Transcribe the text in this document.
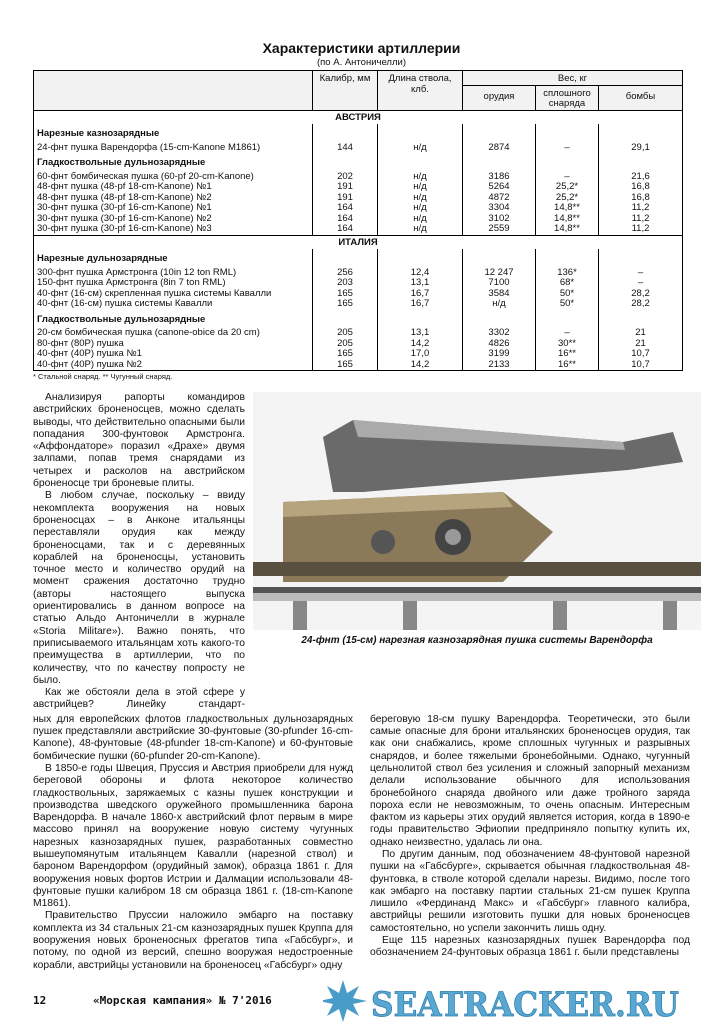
Характеристики артиллерии
(по А. Антоничелли)
	Калибр, мм	Длина ствола, клб.	Вес, кг		
			орудия	сплошного снаряда	бомбы
АВСТРИЯ					
Нарезные казнозарядные					
24-фнт пушка Варендорфа (15-cm-Kanone M1861)	144	н/д	2874	–	29,1
Гладкоствольные дульнозарядные					
60-фнт бомбическая пушка (60-pf 20-cm-Kanone)	202	н/д	3186	–	21,6
48-фнт пушка (48-pf 18-cm-Kanone) №1	191	н/д	5264	25,2*	16,8
48-фнт пушка (48-pf 18-cm-Kanone) №2	191	н/д	4872	25,2*	16,8
30-фнт пушка (30-pf 16-cm-Kanone) №1	164	н/д	3304	14,8**	11,2
30-фнт пушка (30-pf 16-cm-Kanone) №2	164	н/д	3102	14,8**	11,2
30-фнт пушка (30-pf 16-cm-Kanone) №3	164	н/д	2559	14,8**	11,2
ИТАЛИЯ					
Нарезные дульнозарядные					
300-фнт пушка Армстронга (10in 12 ton RML)	256	12,4	12 247	136*	–
150-фнт пушка Армстронга (8in 7 ton RML)	203	13,1	7100	68*	–
40-фнт (16-см) скрепленная пушка системы Кавалли	165	16,7	3584	50*	28,2
40-фнт (16-см) пушка системы Кавалли	165	16,7	н/д	50*	28,2
Гладкоствольные дульнозарядные					
20-см бомбическая пушка (canone-obice da 20 cm)	205	13,1	3302	–	21
80-фнт (80P) пушка	205	14,2	4826	30**	21
40-фнт (40P) пушка №1	165	17,0	3199	16**	10,7
40-фнт (40P) пушка №2	165	14,2	2133	16**	10,7
* Стальной снаряд. ** Чугунный снаряд.

Анализируя рапорты командиров австрийских броненосцев, можно сделать выводы, что действительно опасными были попадания 300-фунтовок Армстронга. «Аффондаторе» поразил «Драхе» двумя залпами, попав тремя снарядами из четырех и расколов на австрийском броненосце три броневые плиты.

В любом случае, поскольку – ввиду некомплекта вооружения на новых броненосцах – в Анконе итальянцы переставляли орудия как между броненосцами, так и с деревянных кораблей на броненосцы, установить точное место и количество орудий на момент сражения достаточно трудно (авторы настоящего выпуска ориентировались в данном вопросе на статью Альдо Антоничелли в журнале «Storia Militare»). Важно понять, что приписываемого итальянцам хоть какого-то преимущества в артиллерии, что по количеству, что по качеству попросту не было.

Как же обстояли дела в этой сфере у австрийцев? Линейку стандарт-

24-фнт (15-см) нарезная казнозарядная пушка системы Варендорфа

ных для европейских флотов гладкоствольных дульнозарядных пушек представляли австрийские 30-фунтовые (30-pfunder 16-cm-Kanone), 48-фунтовые (48-pfunder 18-cm-Kanone) и 60-фунтовые бомбические пушки (60-pfunder 20-cm-Kanone).

В 1850-е годы Швеция, Пруссия и Австрия приобрели для нужд береговой обороны и флота некоторое количество гладкоствольных, заряжаемых с казны пушек конструкции и производства шведского оружейного промышленника барона Варендорфа. В начале 1860-х австрийский флот первым в мире массово принял на вооружение новую систему чугунных нарезных казнозарядных пушек, разработанных совместно вышеупомянутым итальянцем Кавалли (нарезной ствол) и бароном Варендорфом (орудийный замок), образца 1861 г. Для вооружения новых фортов Истрии и Далмации использовали 48-фунтовые пушки калибром 18 см образца 1861 г. (18-cm-Kanone M1861).

Правительство Пруссии наложило эмбарго на поставку комплекта из 34 стальных 21-см казнозарядных пушек Круппа для вооружения новых броненосных фрегатов типа «Габсбург», и потому, по одной из версий, спешно вооружая недостроенные корабли, австрийцы установили на броненосец «Габсбург» одну

береговую 18-см пушку Варендорфа. Теоретически, это были самые опасные для брони итальянских броненосцев орудия, так как они снабжались, кроме сплошных чугунных и разрывных снарядов, и более тяжелыми бронебойными. Однако, чугунный цельнолитой ствол без усиления и сложный запорный механизм делали использование обычного для использования бронебойного снаряда двойного или даже тройного заряда пороха если не невозможным, то очень опасным. Интересным фактом из карьеры этих орудий является история, когда в 1890-е годы правительство Эфиопии предприняло попытку купить их, однако неизвестно, удалась ли она.

По другим данным, под обозначением 48-фунтовой нарезной пушки на «Габсбурге», скрывается обычная гладкоствольная 48-фунтовка, в стволе которой сделали нарезы. Видимо, после того как эмбарго на поставку партии стальных 21-см пушек Круппа лишило «Фердинанд Макс» и «Габсбург» главного калибра, австрийцы решили изготовить пушки для новых броненосцев самостоятельно, но успели закончить лишь одну.

Еще 115 нарезных казнозарядных пушек Варендорфа под обозначением 24-фунтовых образца 1861 г. были представлены

12	«Морская кампания» № 7'2016	SEATRACKER.RU
